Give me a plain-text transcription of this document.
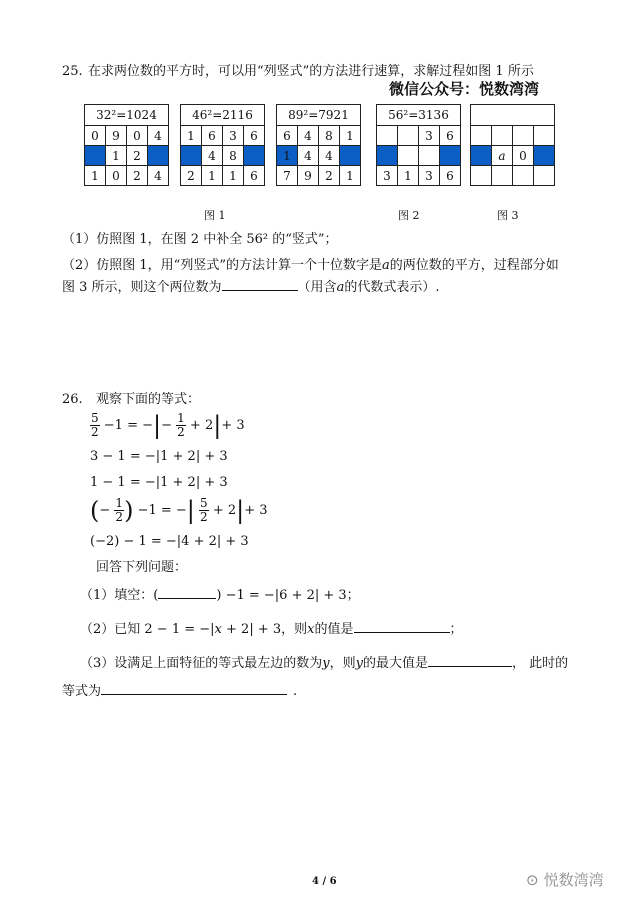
25. 在求两位数的平方时，可以用“列竖式”的方法进行速算，求解过程如图 1 所示
微信公众号：悦数湾湾
32²=1024			
0	9	0	4
	1	2	
1	0	2	4
46²=2116			
1	6	3	6
	4	8	
2	1	1	6
89²=7921			
6	4	8	1
1	4	4	
7	9	2	1
56²=3136			
		3	6

3	1	3	6

	a	0	

图 1	图 2	图 3
（1）仿照图 1，在图 2 中补全 56² 的“竖式”；
（2）仿照图 1，用“列竖式”的方法计算一个十位数字是a的两位数的平方，过程部分如
图 3 所示，则这个两位数为	（用含a的代数式表示）.
26. 观察下面的等式：
$\frac{5}{2} -1$ = −|− $\frac{1}{2} + 2|+ 3$
3 − 1 = −|1 + 2| + 3
1 − 1 = −|1 + 2| + 3
(− $\frac{1}{2}$ ) −1 = −| $\frac{5}{2} + 2|+ 3$
(−2) − 1 = −|4 + 2| + 3
回答下列问题：
（1）填空：(	) −1 = −|6 + 2| + 3；
（2）已知 2 − 1 = −|x + 2| + 3，则x的值是	；
（3）设满足上面特征的等式最左边的数为y，则y的最大值是	， 此时的
等式为	.
4 / 6	⊙ 悦数湾湾
